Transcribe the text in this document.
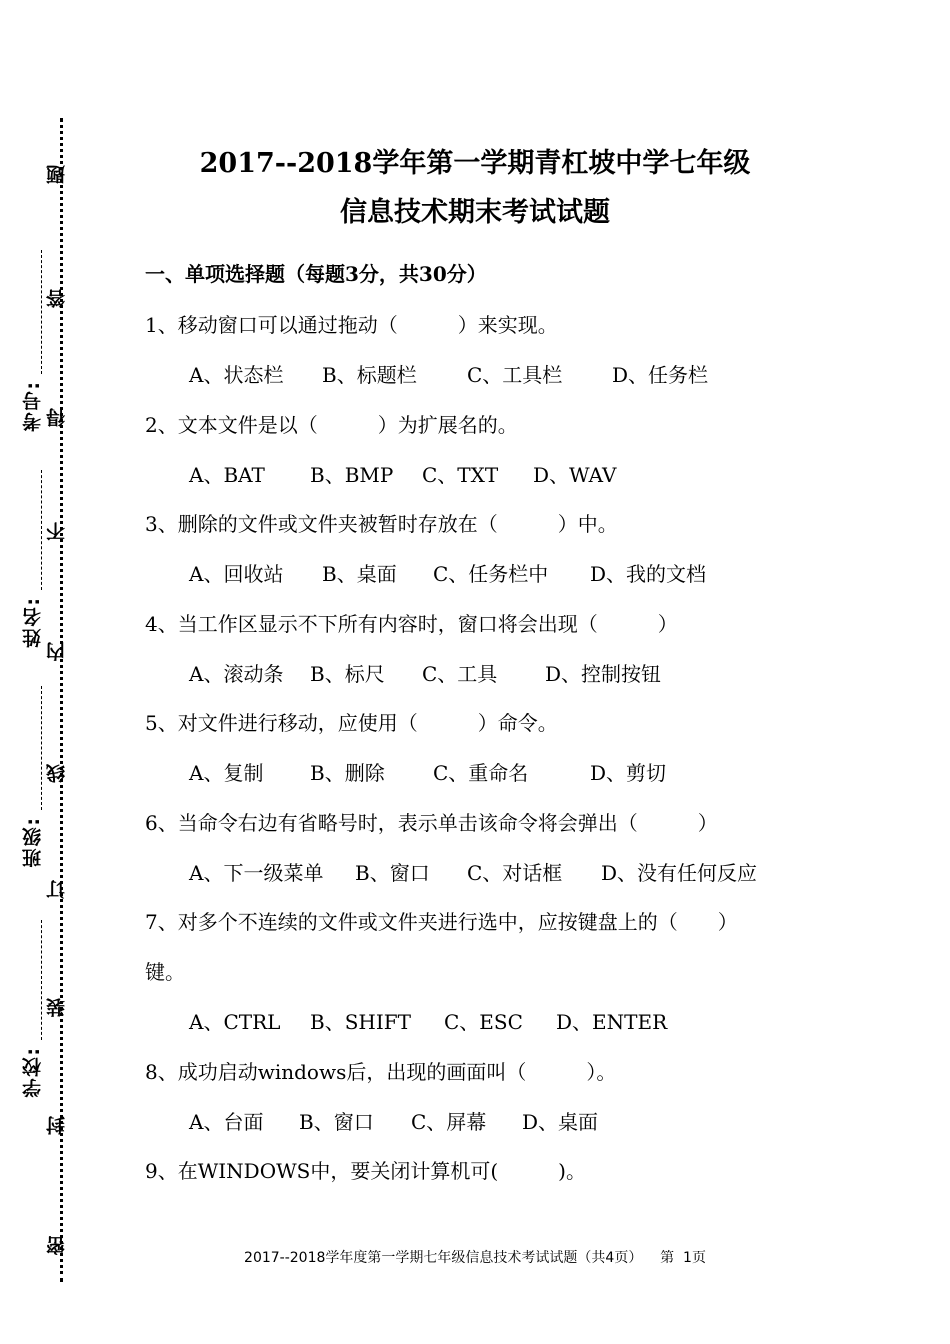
题
答
得
不
内
线
订
装
封
密
考号:
姓名:
班级:
学校:
2017--2018学年第一学期青杠坡中学七年级
信息技术期末考试试题
一、单项选择题（每题3分，共30分）
1、移动窗口可以通过拖动（　　　）来实现。
A、状态栏 B、标题栏	C、工具栏 D、任务栏
2、文本文件是以（　　　）为扩展名的。
A、BAT B、BMP C、TXT D、WAV
3、删除的文件或文件夹被暂时存放在（　　　）中。
A、回收站 B、桌面 C、任务栏中 D、我的文档
4、当工作区显示不下所有内容时，窗口将会出现（　　　）
A、滚动条 B、标尺 C、工具 D、控制按钮
5、对文件进行移动，应使用（　　　）命令。
A、复制 B、删除 C、重命名	D、剪切
6、当命令右边有省略号时，表示单击该命令将会弹出（　　　）
A、下一级菜单 B、窗口 C、对话框 D、没有任何反应
7、对多个不连续的文件或文件夹进行选中，应按键盘上的（　　）
键。
A、CTRL B、SHIFT C、ESC D、ENTER
8、成功启动windows后，出现的画面叫（　　　）。
A、台面 B、窗口 C、屏幕 D、桌面
9、在WINDOWS中，要关闭计算机可(　　　)。
2017--2018学年度第一学期七年级信息技术考试试题（共4页） 第  1页
